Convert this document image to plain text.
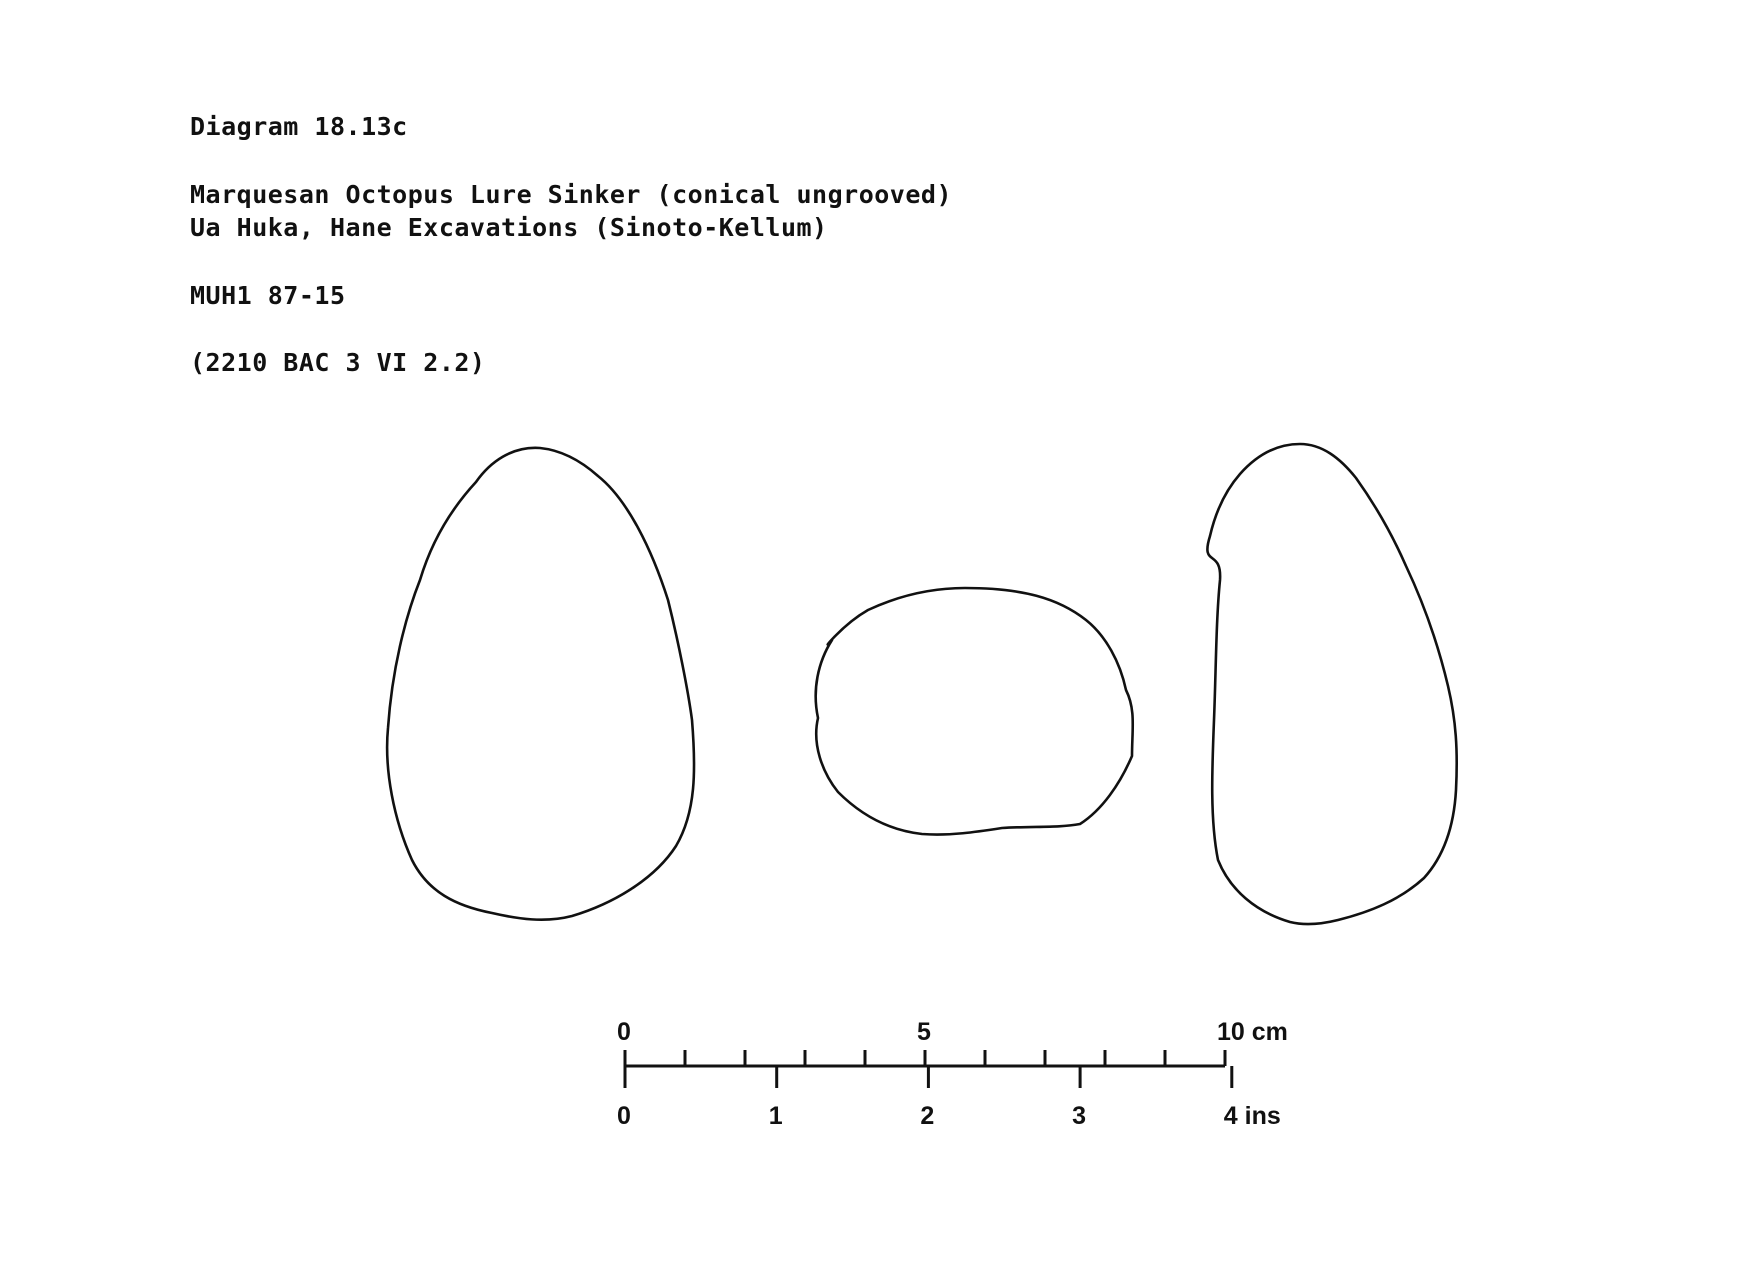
Diagram 18.13c

Marquesan Octopus Lure Sinker (conical ungrooved)

Ua Huka, Hane Excavations (Sinoto-Kellum)

MUH1 87-15

(2210 BAC 3 VI 2.2)

0	5	10 cm
0	1	2	3	4 ins
